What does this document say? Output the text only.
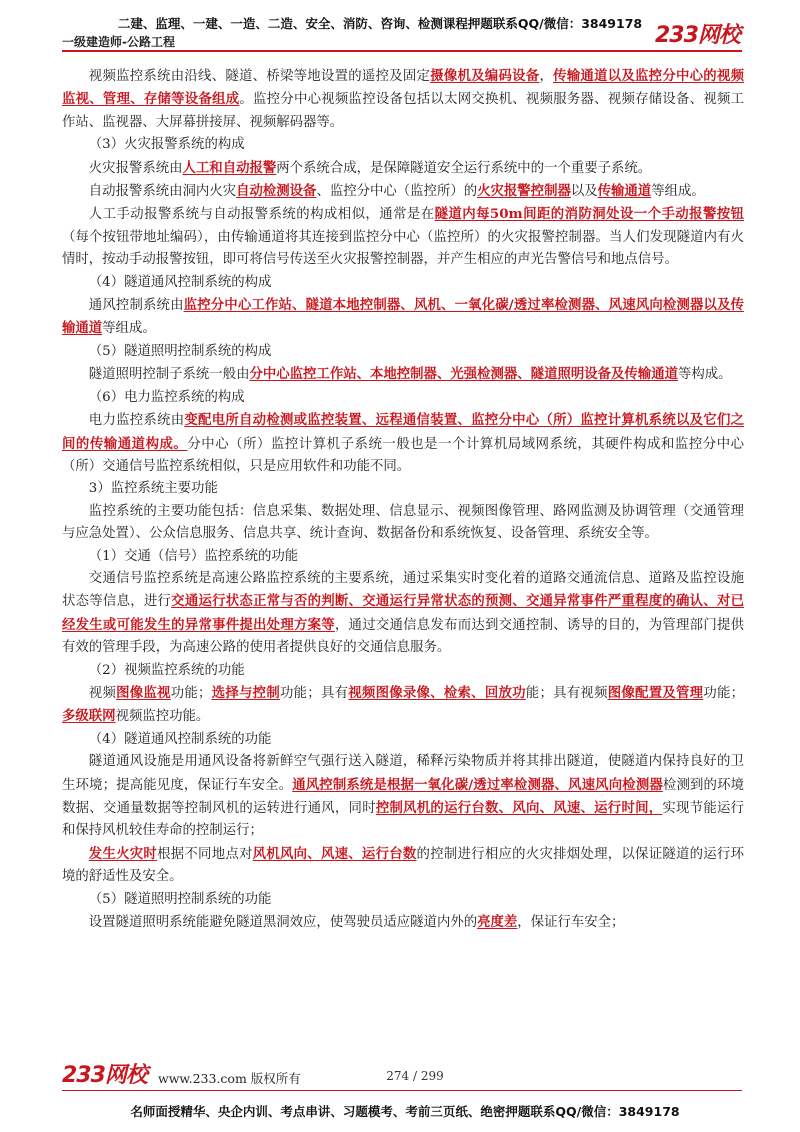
二建、监理、一建、一造、二造、安全、消防、咨询、检测课程押题联系QQ/微信：3849178
一级建造师-公路工程	233网校

视频监控系统由沿线、隧道、桥梁等地设置的遥控及固定摄像机及编码设备，传输通道以及监控分中心的视频监视、管理、存储等设备组成。监控分中心视频监控设备包括以太网交换机、视频服务器、视频存储设备、视频工作站、监视器、大屏幕拼接屏、视频解码器等。

（3）火灾报警系统的构成

火灾报警系统由人工和自动报警两个系统合成，是保障隧道安全运行系统中的一个重要子系统。

自动报警系统由洞内火灾自动检测设备、监控分中心（监控所）的火灾报警控制器以及传输通道等组成。

人工手动报警系统与自动报警系统的构成相似，通常是在隧道内每50m间距的消防洞处设一个手动报警按钮（每个按钮带地址编码），由传输通道将其连接到监控分中心（监控所）的火灾报警控制器。当人们发现隧道内有火情时，按动手动报警按钮，即可将信号传送至火灾报警控制器，并产生相应的声光告警信号和地点信号。

（4）隧道通风控制系统的构成

通风控制系统由监控分中心工作站、隧道本地控制器、风机、一氧化碳/透过率检测器、风速风向检测器以及传输通道等组成。

（5）隧道照明控制系统的构成

隧道照明控制子系统一般由分中心监控工作站、本地控制器、光强检测器、隧道照明设备及传输通道等构成。

（6）电力监控系统的构成

电力监控系统由变配电所自动检测或监控装置、远程通信装置、监控分中心（所）监控计算机系统以及它们之间的传输通道构成。分中心（所）监控计算机子系统一般也是一个计算机局域网系统，其硬件构成和监控分中心（所）交通信号监控系统相似，只是应用软件和功能不同。

3）监控系统主要功能

监控系统的主要功能包括：信息采集、数据处理、信息显示、视频图像管理、路网监测及协调管理（交通管理与应急处置）、公众信息服务、信息共享、统计查询、数据备份和系统恢复、设备管理、系统安全等。

（1）交通（信号）监控系统的功能

交通信号监控系统是高速公路监控系统的主要系统，通过采集实时变化着的道路交通流信息、道路及监控设施状态等信息，进行交通运行状态正常与否的判断、交通运行异常状态的预测、交通异常事件严重程度的确认、对已经发生或可能发生的异常事件提出处理方案等，通过交通信息发布而达到交通控制、诱导的目的，为管理部门提供有效的管理手段，为高速公路的使用者提供良好的交通信息服务。

（2）视频监控系统的功能

视频图像监视功能；选择与控制功能；具有视频图像录像、检索、回放功能；具有视频图像配置及管理功能；多级联网视频监控功能。

（4）隧道通风控制系统的功能

隧道通风设施是用通风设备将新鲜空气强行送入隧道，稀释污染物质并将其排出隧道，使隧道内保持良好的卫生环境；提高能见度，保证行车安全。通风控制系统是根据一氧化碳/透过率检测器、风速风向检测器检测到的环境数据、交通量数据等控制风机的运转进行通风，同时控制风机的运行台数、风向、风速、运行时间，实现节能运行和保持风机较佳寿命的控制运行；

发生火灾时根据不同地点对风机风向、风速、运行台数的控制进行相应的火灾排烟处理，以保证隧道的运行环境的舒适性及安全。

（5）隧道照明控制系统的功能

设置隧道照明系统能避免隧道黑洞效应，使驾驶员适应隧道内外的亮度差，保证行车安全；

233网校 www.233.com 版权所有	274 / 299
名师面授精华、央企内训、考点串讲、习题模考、考前三页纸、绝密押题联系QQ/微信：3849178
